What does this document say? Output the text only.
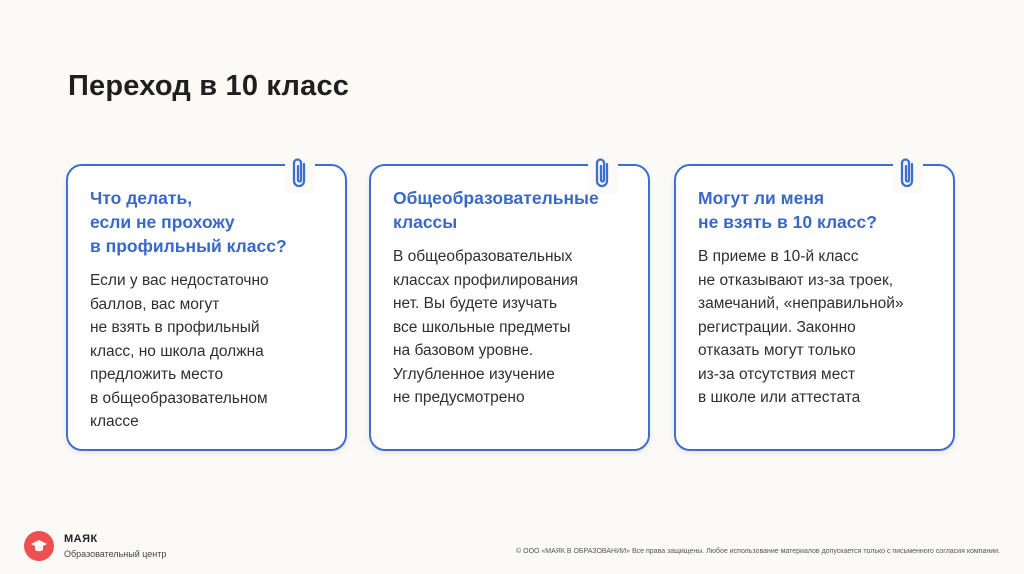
Переход в 10 класс
Что делать,
если не прохожу
в профильный класс?
Если у вас недостаточно
баллов, вас могут
не взять в профильный
класс, но школа должна
предложить место
в общеобразовательном
классе
Общеобразовательные
классы
В общеобразовательных
классах профилирования
нет. Вы будете изучать
все школьные предметы
на базовом уровне.
Углубленное изучение
не предусмотрено
Могут ли меня
не взять в 10 класс?
В приеме в 10-й класс
не отказывают из-за троек,
замечаний, «неправильной»
регистрации. Законно
отказать могут только
из-за отсутствия мест
в школе или аттестата
МАЯК
Образовательный центр	© ООО «МАЯК В ОБРАЗОВАНИИ» Все права защищены. Любое использование материалов допускается только с письменного согласия компании.
